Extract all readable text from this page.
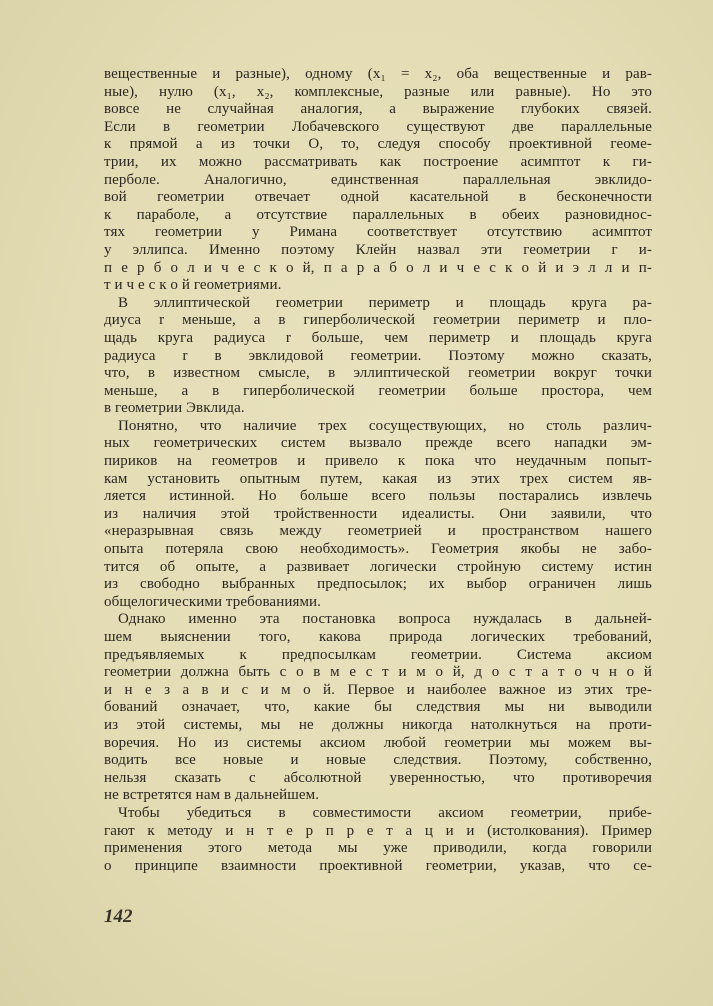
вещественные и разные), одному (x₁ = x₂, оба вещественные и рав-
ные), нулю (x₁, x₂, комплексные, разные или равные). Но это
вовсе не случайная аналогия, а выражение глубоких связей.
Если в геометрии Лобачевского существуют две параллельные
к прямой a из точки O, то, следуя способу проективной геоме-
трии, их можно рассматривать как построение асимптот к ги-
перболе. Аналогично, единственная параллельная эвклидо-
вой геометрии отвечает одной касательной в бесконечности
к параболе, а отсутствие параллельных в обеих разновиднос-
тях геометрии у Римана соответствует отсутствию асимптот
у эллипса. Именно поэтому Клейн назвал эти геометрии г и-
п е р б о л и ч е с к о й, п а р а б о л и ч е с к о й и э л л и п-
т и ч е с к о й геометриями.
В эллиптической геометрии периметр и площадь круга ра-
диуса r меньше, а в гиперболической геометрии периметр и пло-
щадь круга радиуса r больше, чем периметр и площадь круга
радиуса r в эвклидовой геометрии. Поэтому можно сказать,
что, в известном смысле, в эллиптической геометрии вокруг точки
меньше, а в гиперболической геометрии больше простора, чем
в геометрии Эвклида.
Понятно, что наличие трех сосуществующих, но столь различ-
ных геометрических систем вызвало прежде всего нападки эм-
пириков на геометров и привело к пока что неудачным попыт-
кам установить опытным путем, какая из этих трех систем яв-
ляется истинной. Но больше всего пользы постарались извлечь
из наличия этой тройственности идеалисты. Они заявили, что
«неразрывная связь между геометрией и пространством нашего
опыта потеряла свою необходимость». Геометрия якобы не забо-
тится об опыте, а развивает логически стройную систему истин
из свободно выбранных предпосылок; их выбор ограничен лишь
общелогическими требованиями.
Однако именно эта постановка вопроса нуждалась в дальней-
шем выяснении того, какова природа логических требований,
предъявляемых к предпосылкам геометрии. Система аксиом
геометрии должна быть с о в м е с т и м о й, д о с т а т о ч н о й
и н е з а в и с и м о й. Первое и наиболее важное из этих тре-
бований означает, что, какие бы следствия мы ни выводили
из этой системы, мы не должны никогда натолкнуться на проти-
воречия. Но из системы аксиом любой геометрии мы можем вы-
водить все новые и новые следствия. Поэтому, собственно,
нельзя сказать с абсолютной уверенностью, что противоречия
не встретятся нам в дальнейшем.
Чтобы убедиться в совместимости аксиом геометрии, прибе-
гают к методу и н т е р п р е т а ц и и (истолкования). Пример
применения этого метода мы уже приводили, когда говорили
о принципе взаимности проективной геометрии, указав, что се-
142
